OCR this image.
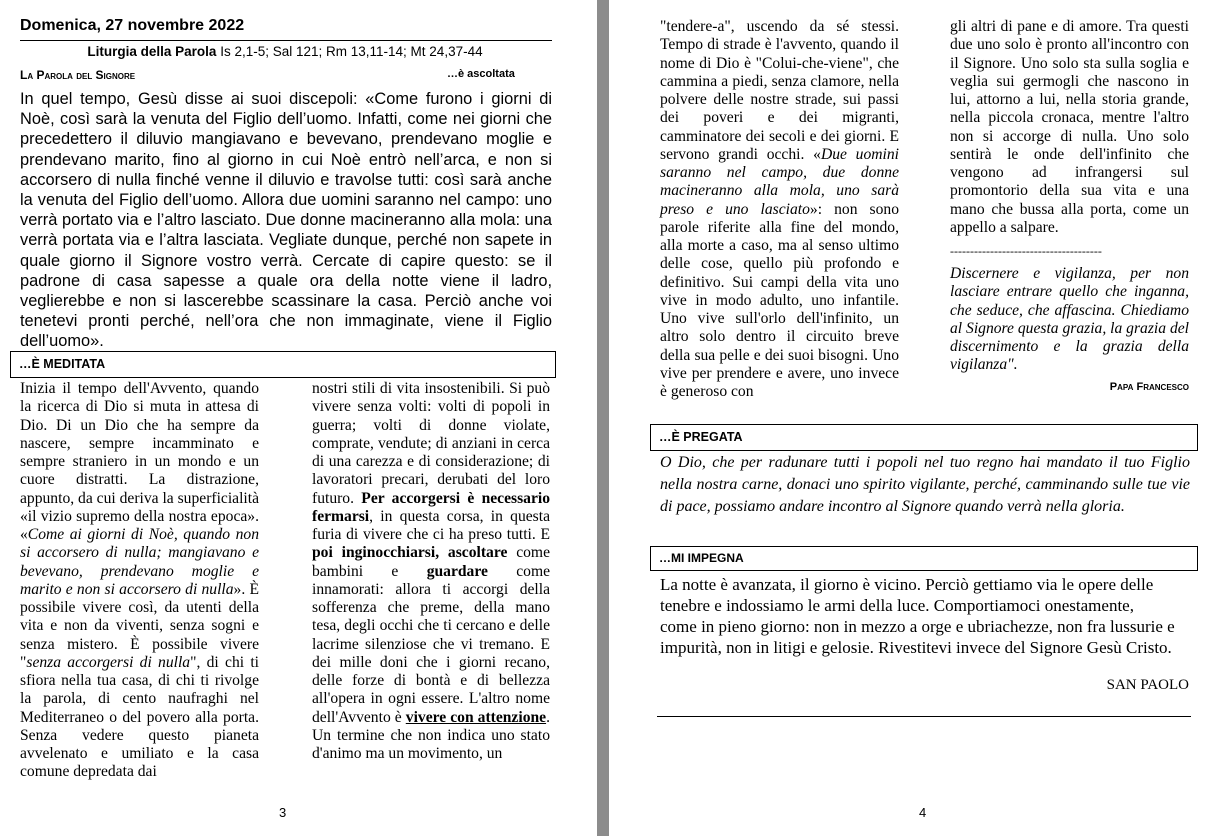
Domenica, 27 novembre 2022
Liturgia della Parola Is 2,1-5; Sal 121; Rm 13,11-14; Mt 24,37-44
La Parola del Signore	…è ascoltata
In quel tempo, Gesù disse ai suoi discepoli: «Come furono i giorni di Noè, così sarà la venuta del Figlio dell’uomo. Infatti, come nei giorni che precedettero il diluvio mangiavano e bevevano, prendevano moglie e prendevano marito, fino al giorno in cui Noè entrò nell’arca, e non si accorsero di nulla finché venne il diluvio e travolse tutti: così sarà anche la venuta del Figlio dell’uomo. Allora due uomini saranno nel campo: uno verrà portato via e l’altro lasciato. Due donne macineranno alla mola: una verrà portata via e l’altra lasciata. Vegliate dunque, perché non sapete in quale giorno il Signore vostro verrà. Cercate di capire questo: se il padrone di casa sapesse a quale ora della notte viene il ladro, veglierebbe e non si lascerebbe scassinare la casa. Perciò anche voi tenetevi pronti perché, nell’ora che non immaginate, viene il Figlio dell’uomo».
…È MEDITATA
Inizia il tempo dell'Avvento, quando la ricerca di Dio si muta in attesa di Dio. Di un Dio che ha sempre da nascere, sempre incamminato e sempre straniero in un mondo e un cuore distratti. La distrazione, appunto, da cui deriva la superficialità «il vizio supremo della nostra epoca». «Come ai giorni di Noè, quando non si accorsero di nulla; mangiavano e bevevano, prendevano moglie e marito e non si accorsero di nulla». È possibile vivere così, da utenti della vita e non da viventi, senza sogni e senza mistero. È possibile vivere "senza accorgersi di nulla", di chi ti sfiora nella tua casa, di chi ti rivolge la parola, di cento naufraghi nel Mediterraneo o del povero alla porta. Senza vedere questo pianeta avvelenato e umiliato e la casa comune depredata dai
nostri stili di vita insostenibili. Si può vivere senza volti: volti di popoli in guerra; volti di donne violate, comprate, vendute; di anziani in cerca di una carezza e di considerazione; di lavoratori precari, derubati del loro futuro. Per accorgersi è necessario fermarsi, in questa corsa, in questa furia di vivere che ci ha preso tutti. E poi inginocchiarsi, ascoltare come bambini e guardare come innamorati: allora ti accorgi della sofferenza che preme, della mano tesa, degli occhi che ti cercano e delle lacrime silenziose che vi tremano. E dei mille doni che i giorni recano, delle forze di bontà e di bellezza all'opera in ogni essere. L'altro nome dell'Avvento è vivere con attenzione. Un termine che non indica uno stato d'animo ma un movimento, un
3
"tendere-a", uscendo da sé stessi. Tempo di strade è l'avvento, quando il nome di Dio è "Colui-che-viene", che cammina a piedi, senza clamore, nella polvere delle nostre strade, sui passi dei poveri e dei migranti, camminatore dei secoli e dei giorni. E servono grandi occhi. «Due uomini saranno nel campo, due donne macineranno alla mola, uno sarà preso e uno lasciato»: non sono parole riferite alla fine del mondo, alla morte a caso, ma al senso ultimo delle cose, quello più profondo e definitivo. Sui campi della vita uno vive in modo adulto, uno infantile. Uno vive sull'orlo dell'infinito, un altro solo dentro il circuito breve della sua pelle e dei suoi bisogni. Uno vive per prendere e avere, uno invece è generoso con
gli altri di pane e di amore. Tra questi due uno solo è pronto all'incontro con il Signore. Uno solo sta sulla soglia e veglia sui germogli che nascono in lui, attorno a lui, nella storia grande, nella piccola cronaca, mentre l'altro non si accorge di nulla. Uno solo sentirà le onde dell'infinito che vengono ad infrangersi sul promontorio della sua vita e una mano che bussa alla porta, come un appello a salpare.
--------------------------------------
Discernere e vigilanza, per non lasciare entrare quello che inganna, che seduce, che affascina. Chiediamo al Signore questa grazia, la grazia del discernimento e la grazia della vigilanza".
Papa Francesco
…È PREGATA
O Dio, che per radunare tutti i popoli nel tuo regno hai mandato il tuo Figlio nella nostra carne, donaci uno spirito vigilante, perché, camminando sulle tue vie di pace, possiamo andare incontro al Signore quando verrà nella gloria.
…MI IMPEGNA
La notte è avanzata, il giorno è vicino. Perciò gettiamo via le opere delle tenebre e indossiamo le armi della luce. Comportiamoci onestamente, come in pieno giorno: non in mezzo a orge e ubriachezze, non fra lussurie e impurità, non in litigi e gelosie. Rivestitevi invece del Signore Gesù Cristo.
SAN PAOLO
4
